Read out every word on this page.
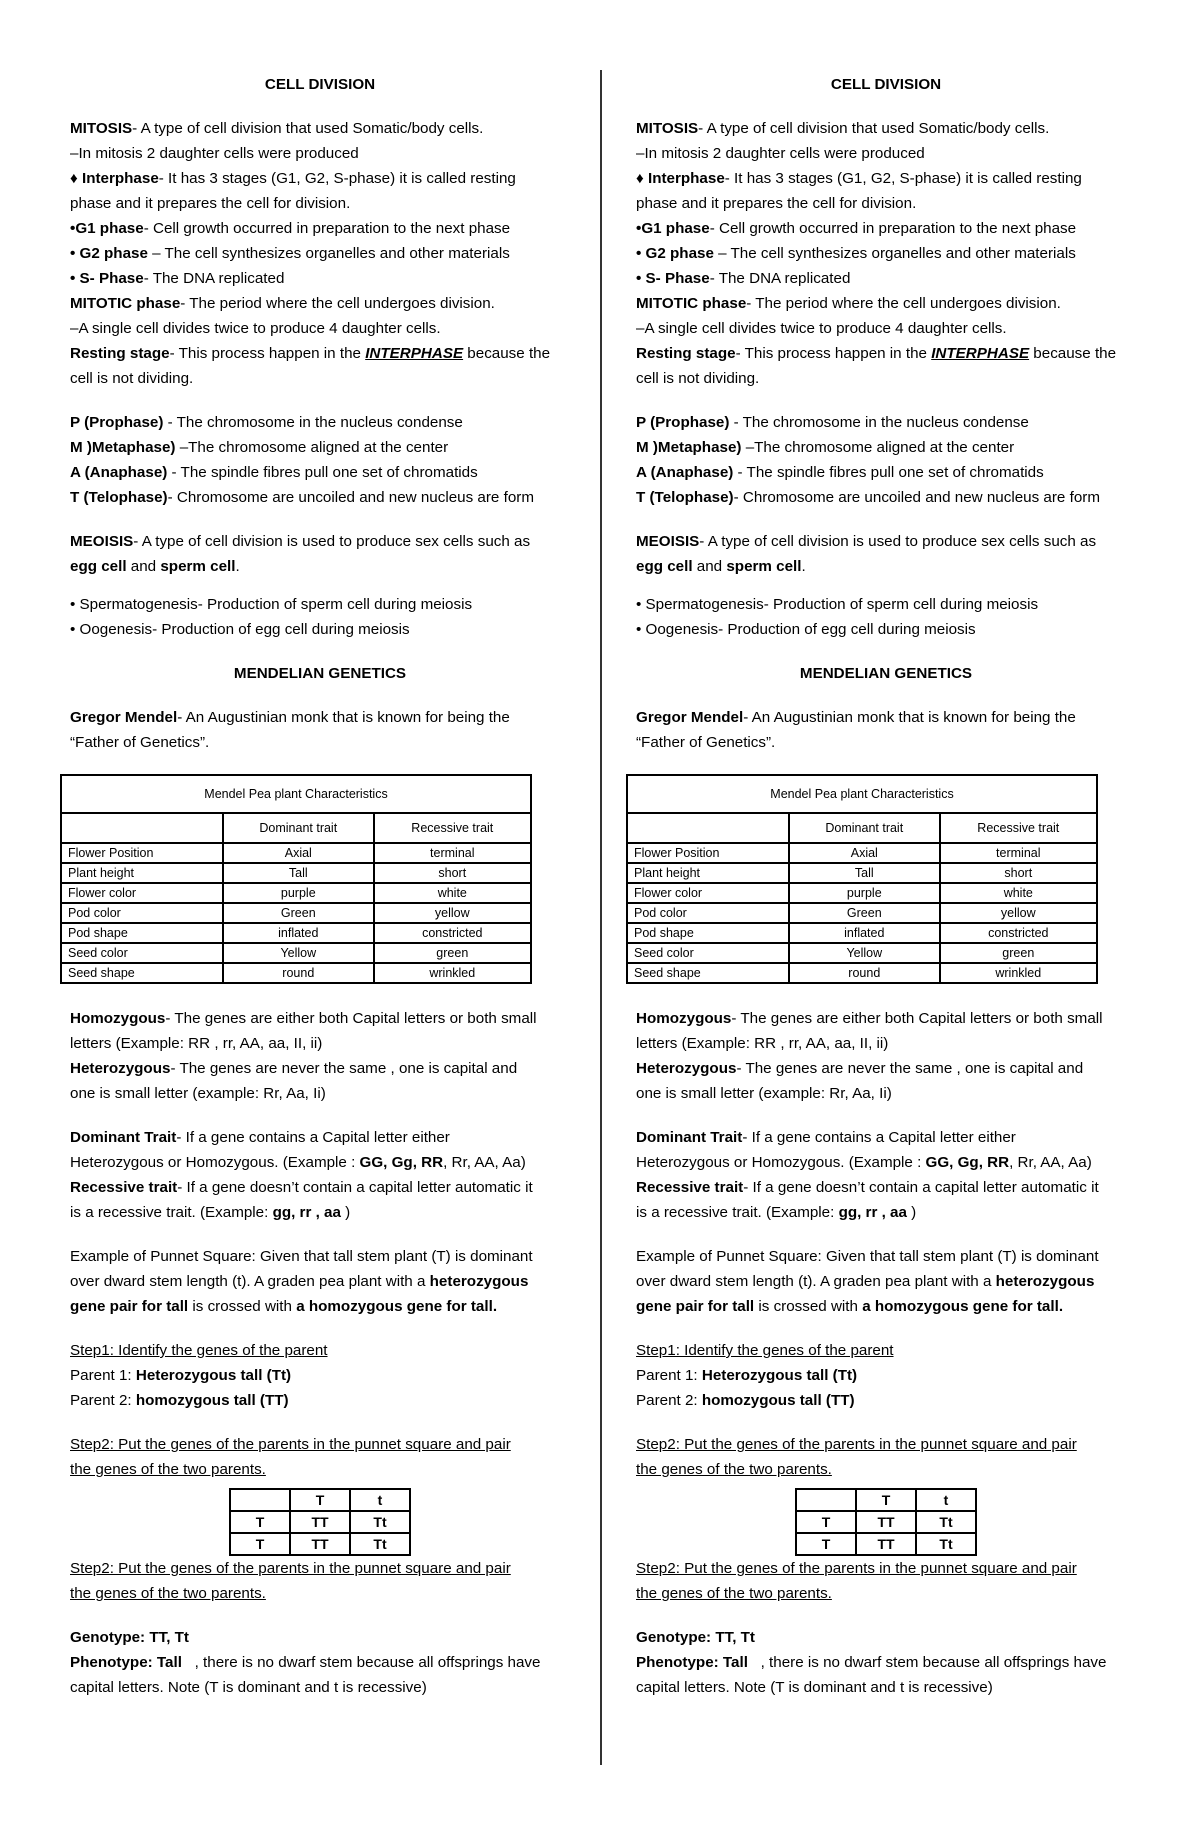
CELL DIVISION
MITOSIS- A type of cell division that used Somatic/body cells.
–In mitosis 2 daughter cells were produced
♦ Interphase- It has 3 stages (G1, G2, S-phase) it is called resting
phase and it prepares the cell for division.
•G1 phase- Cell growth occurred in preparation to the next phase
• G2 phase – The cell synthesizes organelles and other materials
• S- Phase- The DNA replicated
MITOTIC phase- The period where the cell undergoes division.
–A single cell divides twice to produce 4 daughter cells.
Resting stage- This process happen in the INTERPHASE because the
cell is not dividing.
P (Prophase) - The chromosome in the nucleus condense
M )Metaphase) –The chromosome aligned at the center
A (Anaphase) - The spindle fibres pull one set of chromatids
T (Telophase)- Chromosome are uncoiled and new nucleus are form
MEOISIS- A type of cell division is used to produce sex cells such as
egg cell and sperm cell.
• Spermatogenesis- Production of sperm cell during meiosis
• Oogenesis- Production of egg cell during meiosis
MENDELIAN GENETICS
Gregor Mendel- An Augustinian monk that is known for being the
“Father of Genetics”.
Mendel Pea plant Characteristics		
	Dominant trait	Recessive trait
Flower Position	Axial	terminal
Plant height	Tall	short
Flower color	purple	white
Pod color	Green	yellow
Pod shape	inflated	constricted
Seed color	Yellow	green
Seed shape	round	wrinkled
Homozygous- The genes are either both Capital letters or both small
letters (Example: RR , rr, AA, aa, II, ii)
Heterozygous- The genes are never the same , one is capital and
one is small letter (example: Rr, Aa, Ii)
Dominant Trait- If a gene contains a Capital letter either
Heterozygous or Homozygous. (Example : GG, Gg, RR, Rr, AA, Aa)
Recessive trait- If a gene doesn’t contain a capital letter automatic it
is a recessive trait. (Example: gg, rr , aa )
Example of Punnet Square: Given that tall stem plant (T) is dominant
over dward stem length (t). A graden pea plant with a heterozygous
gene pair for tall is crossed with a homozygous gene for tall.
Step1: Identify the genes of the parent
Parent 1: Heterozygous tall (Tt)
Parent 2: homozygous tall (TT)
Step2: Put the genes of the parents in the punnet square and pair
the genes of the two parents.
	T	t
T	TT	Tt
T	TT	Tt
Step2: Put the genes of the parents in the punnet square and pair
the genes of the two parents.
Genotype: TT, Tt
Phenotype: Tall   , there is no dwarf stem because all offsprings have
capital letters. Note (T is dominant and t is recessive)
CELL DIVISION
MITOSIS- A type of cell division that used Somatic/body cells.
–In mitosis 2 daughter cells were produced
♦ Interphase- It has 3 stages (G1, G2, S-phase) it is called resting
phase and it prepares the cell for division.
•G1 phase- Cell growth occurred in preparation to the next phase
• G2 phase – The cell synthesizes organelles and other materials
• S- Phase- The DNA replicated
MITOTIC phase- The period where the cell undergoes division.
–A single cell divides twice to produce 4 daughter cells.
Resting stage- This process happen in the INTERPHASE because the
cell is not dividing.
P (Prophase) - The chromosome in the nucleus condense
M )Metaphase) –The chromosome aligned at the center
A (Anaphase) - The spindle fibres pull one set of chromatids
T (Telophase)- Chromosome are uncoiled and new nucleus are form
MEOISIS- A type of cell division is used to produce sex cells such as
egg cell and sperm cell.
• Spermatogenesis- Production of sperm cell during meiosis
• Oogenesis- Production of egg cell during meiosis
MENDELIAN GENETICS
Gregor Mendel- An Augustinian monk that is known for being the
“Father of Genetics”.
Mendel Pea plant Characteristics		
	Dominant trait	Recessive trait
Flower Position	Axial	terminal
Plant height	Tall	short
Flower color	purple	white
Pod color	Green	yellow
Pod shape	inflated	constricted
Seed color	Yellow	green
Seed shape	round	wrinkled
Homozygous- The genes are either both Capital letters or both small
letters (Example: RR , rr, AA, aa, II, ii)
Heterozygous- The genes are never the same , one is capital and
one is small letter (example: Rr, Aa, Ii)
Dominant Trait- If a gene contains a Capital letter either
Heterozygous or Homozygous. (Example : GG, Gg, RR, Rr, AA, Aa)
Recessive trait- If a gene doesn’t contain a capital letter automatic it
is a recessive trait. (Example: gg, rr , aa )
Example of Punnet Square: Given that tall stem plant (T) is dominant
over dward stem length (t). A graden pea plant with a heterozygous
gene pair for tall is crossed with a homozygous gene for tall.
Step1: Identify the genes of the parent
Parent 1: Heterozygous tall (Tt)
Parent 2: homozygous tall (TT)
Step2: Put the genes of the parents in the punnet square and pair
the genes of the two parents.
	T	t
T	TT	Tt
T	TT	Tt
Step2: Put the genes of the parents in the punnet square and pair
the genes of the two parents.
Genotype: TT, Tt
Phenotype: Tall   , there is no dwarf stem because all offsprings have
capital letters. Note (T is dominant and t is recessive)
